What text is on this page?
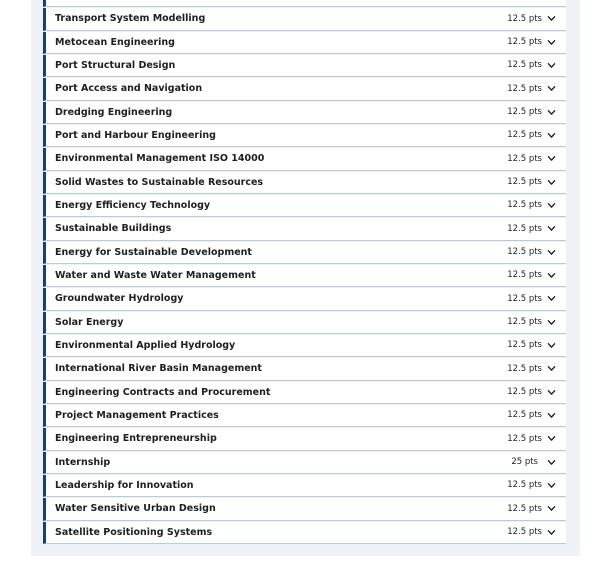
Transport System Modelling	12.5 pts
Metocean Engineering	12.5 pts
Port Structural Design	12.5 pts
Port Access and Navigation	12.5 pts
Dredging Engineering	12.5 pts
Port and Harbour Engineering	12.5 pts
Environmental Management ISO 14000	12.5 pts
Solid Wastes to Sustainable Resources	12.5 pts
Energy Efficiency Technology	12.5 pts
Sustainable Buildings	12.5 pts
Energy for Sustainable Development	12.5 pts
Water and Waste Water Management	12.5 pts
Groundwater Hydrology	12.5 pts
Solar Energy	12.5 pts
Environmental Applied Hydrology	12.5 pts
International River Basin Management	12.5 pts
Engineering Contracts and Procurement	12.5 pts
Project Management Practices	12.5 pts
Engineering Entrepreneurship	12.5 pts
Internship	25 pts
Leadership for Innovation	12.5 pts
Water Sensitive Urban Design	12.5 pts
Satellite Positioning Systems	12.5 pts
